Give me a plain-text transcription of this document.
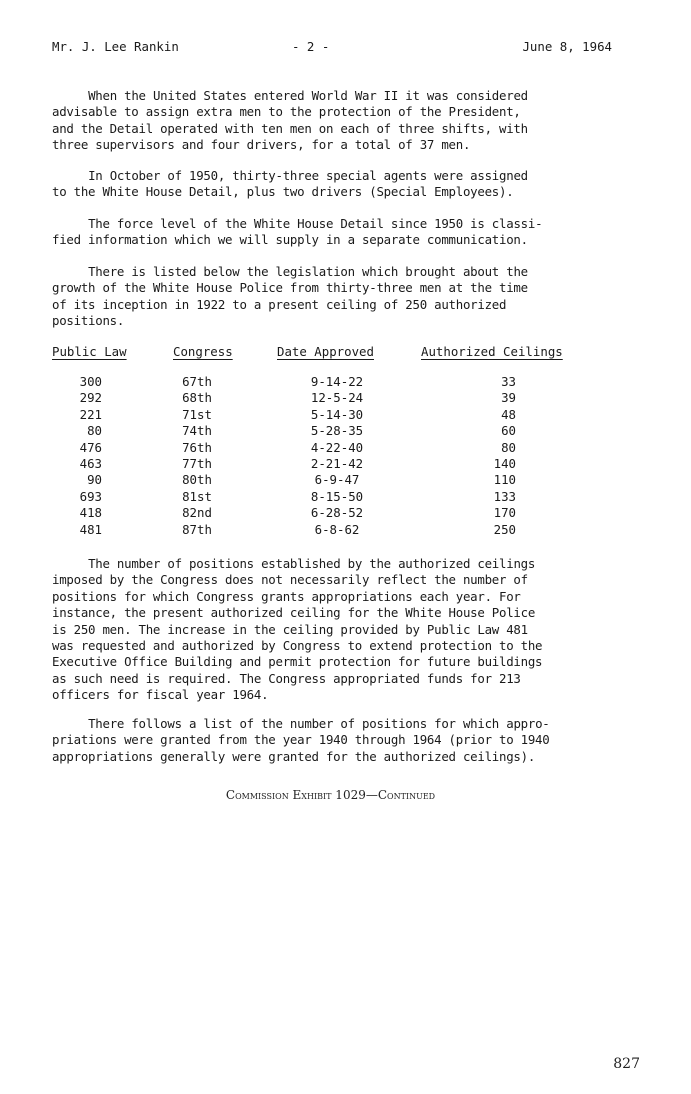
Mr. J. Lee Rankin	- 2 -	June 8, 1964

When the United States entered World War II it was considered
advisable to assign extra men to the protection of the President,
and the Detail operated with ten men on each of three shifts, with
three supervisors and four drivers, for a total of 37 men.

In October of 1950, thirty-three special agents were assigned
to the White House Detail, plus two drivers (Special Employees).

The force level of the White House Detail since 1950 is classi-
fied information which we will supply in a separate communication.

There is listed below the legislation which brought about the
growth of the White House Police from thirty-three men at the time
of its inception in 1922 to a present ceiling of 250 authorized
positions.

Public Law	Congress	Date Approved	Authorized Ceilings
300	67th	9-14-22	33
292	68th	12-5-24	39
221	71st	5-14-30	48
80	74th	5-28-35	60
476	76th	4-22-40	80
463	77th	2-21-42	140
90	80th	6-9-47	110
693	81st	8-15-50	133
418	82nd	6-28-52	170
481	87th	6-8-62	250

The number of positions established by the authorized ceilings
imposed by the Congress does not necessarily reflect the number of
positions for which Congress grants appropriations each year. For
instance, the present authorized ceiling for the White House Police
is 250 men. The increase in the ceiling provided by Public Law 481
was requested and authorized by Congress to extend protection to the
Executive Office Building and permit protection for future buildings
as such need is required. The Congress appropriated funds for 213
officers for fiscal year 1964.

There follows a list of the number of positions for which appro-
priations were granted from the year 1940 through 1964 (prior to 1940
appropriations generally were granted for the authorized ceilings).

Commission Exhibit 1029—Continued
827
